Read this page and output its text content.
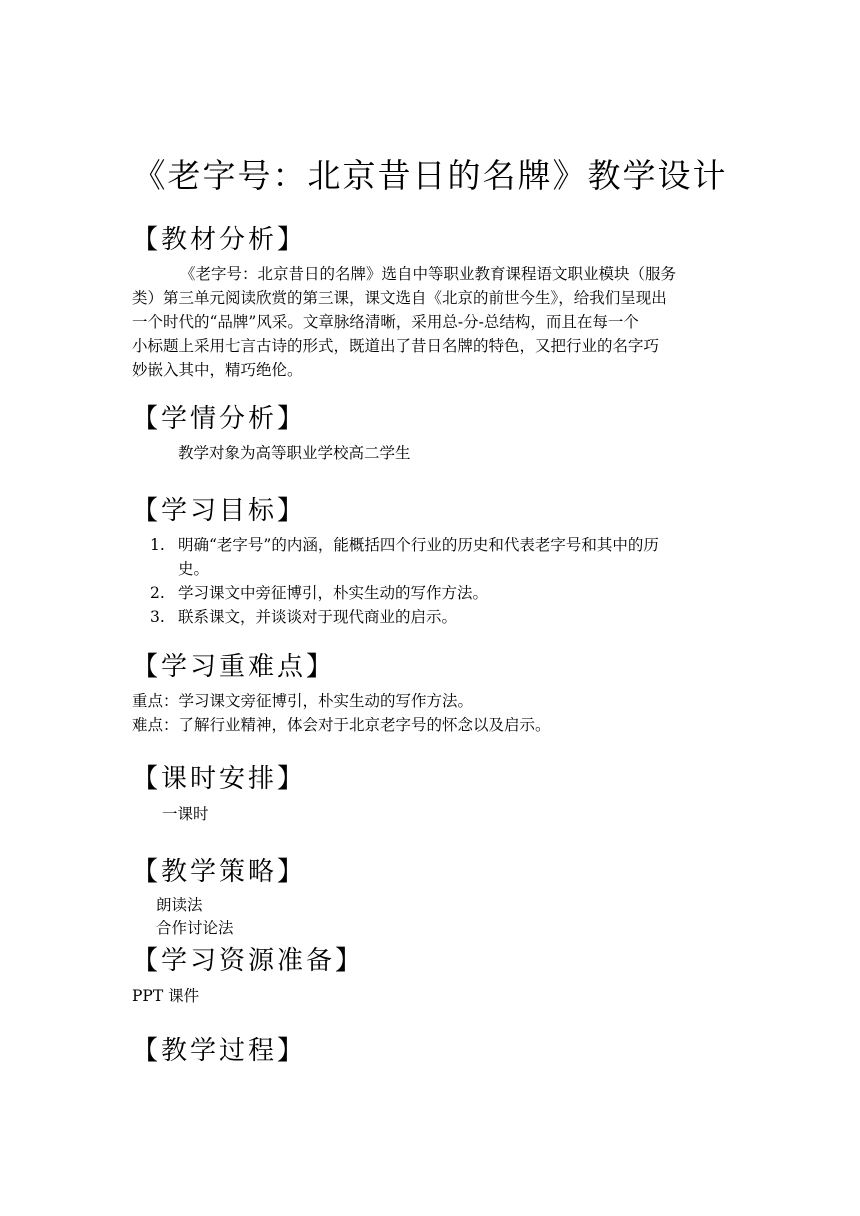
《老字号：北京昔日的名牌》教学设计
【教材分析】
《老字号：北京昔日的名牌》选自中等职业教育课程语文职业模块（服务
类）第三单元阅读欣赏的第三课，课文选自《北京的前世今生》，给我们呈现出
一个时代的“品牌”风采。文章脉络清晰，采用总-分-总结构，而且在每一个
小标题上采用七言古诗的形式，既道出了昔日名牌的特色，又把行业的名字巧
妙嵌入其中，精巧绝伦。
【学情分析】
教学对象为高等职业学校高二学生
【学习目标】
1. 明确“老字号”的内涵，能概括四个行业的历史和代表老字号和其中的历
史。
2. 学习课文中旁征博引，朴实生动的写作方法。
3. 联系课文，并谈谈对于现代商业的启示。
【学习重难点】
重点：学习课文旁征博引，朴实生动的写作方法。
难点：了解行业精神，体会对于北京老字号的怀念以及启示。
【课时安排】
一课时
【教学策略】
朗读法
合作讨论法
【学习资源准备】
PPT 课件
【教学过程】
